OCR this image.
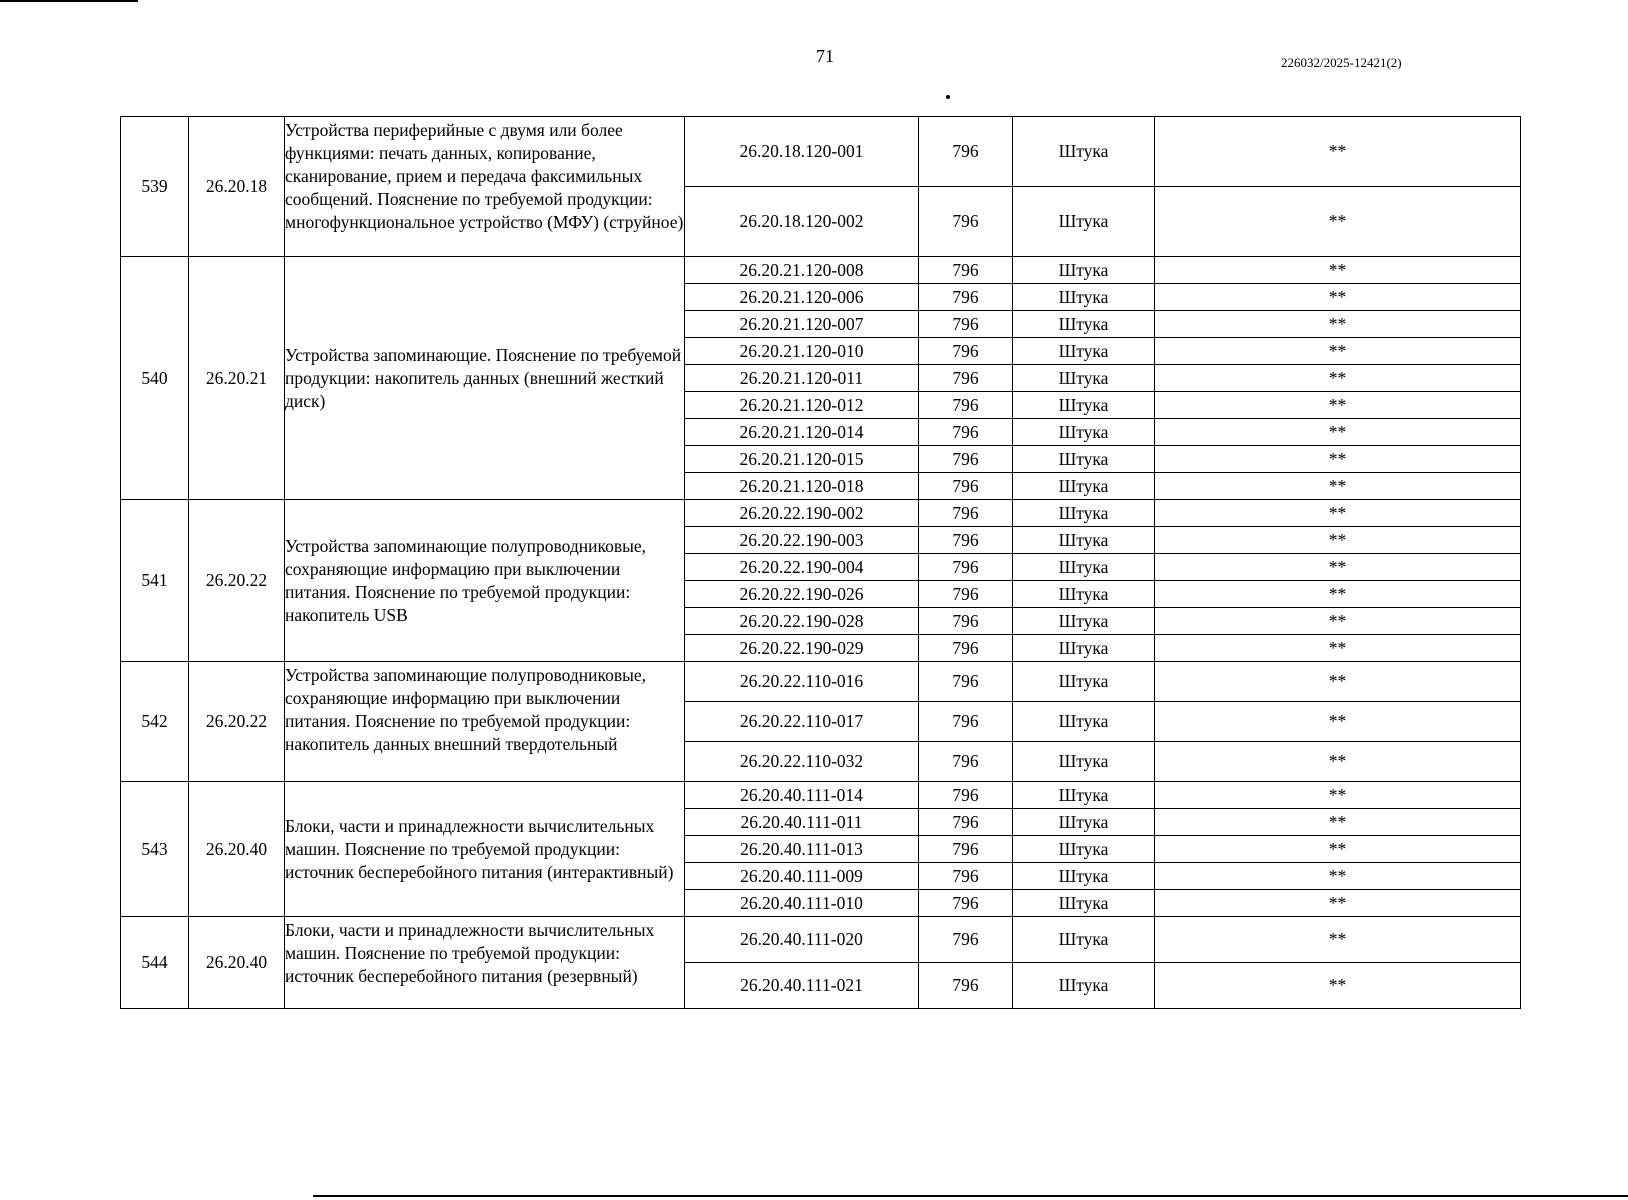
71	226032/2025-12421(2)
539	26.20.18	Устройства периферийные с двумя или более функциями: печать данных, копирование, сканирование, прием и передача факсимильных сообщений. Пояснение по требуемой продукции: многофункциональное устройство (МФУ) (струйное)	26.20.18.120-001	796	Штука	**
			26.20.18.120-002	796	Штука	**
540	26.20.21	Устройства запоминающие. Пояснение по требуемой продукции: накопитель данных (внешний жесткий диск)	26.20.21.120-008	796	Штука	**
			26.20.21.120-006	796	Штука	**
			26.20.21.120-007	796	Штука	**
			26.20.21.120-010	796	Штука	**
			26.20.21.120-011	796	Штука	**
			26.20.21.120-012	796	Штука	**
			26.20.21.120-014	796	Штука	**
			26.20.21.120-015	796	Штука	**
			26.20.21.120-018	796	Штука	**
541	26.20.22	Устройства запоминающие полупроводниковые, сохраняющие информацию при выключении питания. Пояснение по требуемой продукции: накопитель USB	26.20.22.190-002	796	Штука	**
			26.20.22.190-003	796	Штука	**
			26.20.22.190-004	796	Штука	**
			26.20.22.190-026	796	Штука	**
			26.20.22.190-028	796	Штука	**
			26.20.22.190-029	796	Штука	**
542	26.20.22	Устройства запоминающие полупроводниковые, сохраняющие информацию при выключении питания. Пояснение по требуемой продукции: накопитель данных внешний твердотельный	26.20.22.110-016	796	Штука	**
			26.20.22.110-017	796	Штука	**
			26.20.22.110-032	796	Штука	**
543	26.20.40	Блоки, части и принадлежности вычислительных машин. Пояснение по требуемой продукции: источник бесперебойного питания (интерактивный)	26.20.40.111-014	796	Штука	**
			26.20.40.111-011	796	Штука	**
			26.20.40.111-013	796	Штука	**
			26.20.40.111-009	796	Штука	**
			26.20.40.111-010	796	Штука	**
544	26.20.40	Блоки, части и принадлежности вычислительных машин. Пояснение по требуемой продукции: источник бесперебойного питания (резервный)	26.20.40.111-020	796	Штука	**
			26.20.40.111-021	796	Штука	**
